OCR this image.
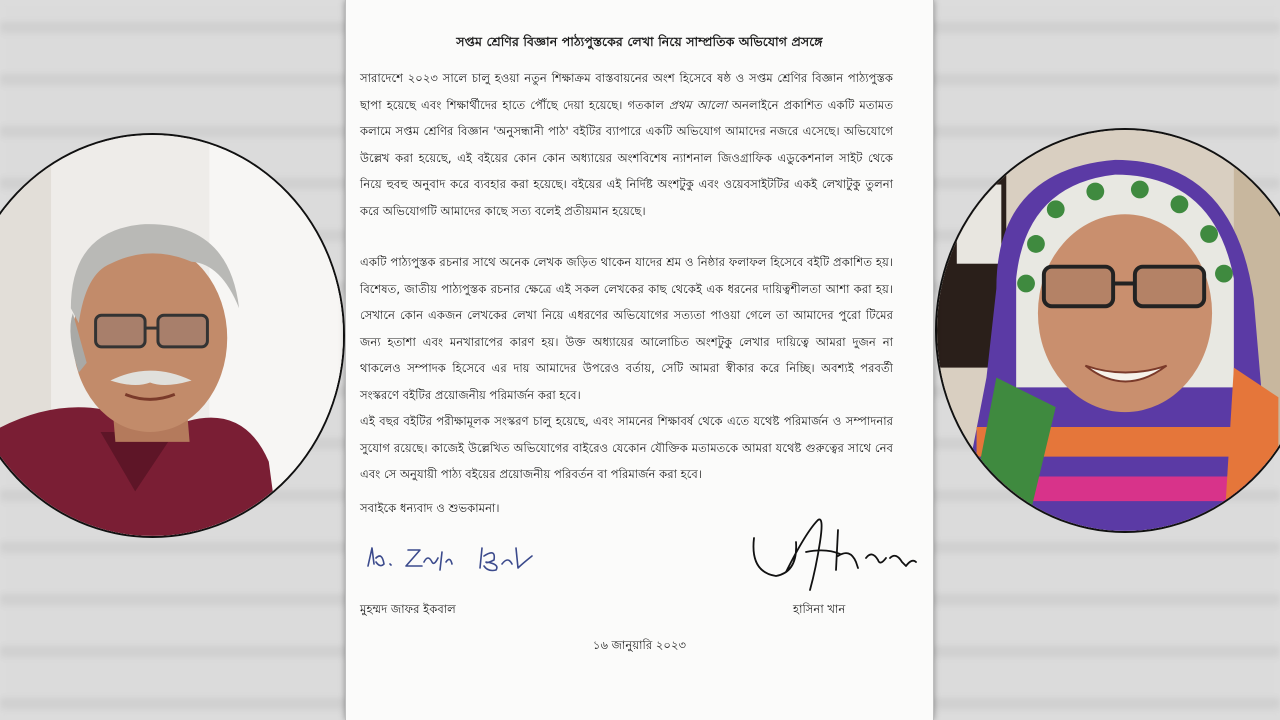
সপ্তম শ্রেণির বিজ্ঞান পাঠ্যপুস্তকের লেখা নিয়ে সাম্প্রতিক অভিযোগ প্রসঙ্গে

সারাদেশে ২০২৩ সালে চালু হওয়া নতুন শিক্ষাক্রম বাস্তবায়নের অংশ হিসেবে ষষ্ঠ ও সপ্তম শ্রেণির বিজ্ঞান পাঠ্যপুস্তক ছাপা হয়েছে এবং শিক্ষার্থীদের হাতে পৌঁছে দেয়া হয়েছে। গতকাল প্রথম আলো অনলাইনে প্রকাশিত একটি মতামত কলামে সপ্তম শ্রেণির বিজ্ঞান 'অনুসন্ধানী পাঠ' বইটির ব্যাপারে একটি অভিযোগ আমাদের নজরে এসেছে। অভিযোগে উল্লেখ করা হয়েছে, এই বইয়ের কোন কোন অধ্যায়ের অংশবিশেষ ন্যাশনাল জিওগ্রাফিক এডুকেশনাল সাইট থেকে নিয়ে হুবহু অনুবাদ করে ব্যবহার করা হয়েছে। বইয়ের এই নির্দিষ্ট অংশটুকু এবং ওয়েবসাইটটির একই লেখাটুকু তুলনা করে অভিযোগটি আমাদের কাছে সত্য বলেই প্রতীয়মান হয়েছে।

একটি পাঠ্যপুস্তক রচনার সাথে অনেক লেখক জড়িত থাকেন যাদের শ্রম ও নিষ্ঠার ফলাফল হিসেবে বইটি প্রকাশিত হয়। বিশেষত, জাতীয় পাঠ্যপুস্তক রচনার ক্ষেত্রে এই সকল লেখকের কাছ থেকেই এক ধরনের দায়িত্বশীলতা আশা করা হয়। সেখানে কোন একজন লেখকের লেখা নিয়ে এধরণের অভিযোগের সত্যতা পাওয়া গেলে তা আমাদের পুরো টিমের জন্য হতাশা এবং মনখারাপের কারণ হয়। উক্ত অধ্যায়ের আলোচিত অংশটুকু লেখার দায়িত্বে আমরা দুজন না থাকলেও সম্পাদক হিসেবে এর দায় আমাদের উপরেও বর্তায়, সেটি আমরা স্বীকার করে নিচ্ছি। অবশ্যই পরবর্তী সংস্করণে বইটির প্রয়োজনীয় পরিমার্জন করা হবে।

এই বছর বইটির পরীক্ষামূলক সংস্করণ চালু হয়েছে, এবং সামনের শিক্ষাবর্ষ থেকে এতে যথেষ্ট পরিমার্জন ও সম্পাদনার সুযোগ রয়েছে। কাজেই উল্লেখিত অভিযোগের বাইরেও যেকোন যৌক্তিক মতামতকে আমরা যথেষ্ট গুরুত্বের সাথে নেব এবং সে অনুযায়ী পাঠ্য বইয়ের প্রয়োজনীয় পরিবর্তন বা পরিমার্জন করা হবে।

সবাইকে ধন্যবাদ ও শুভকামনা।

মুহম্মদ জাফর ইকবাল	হাসিনা খান
১৬ জানুয়ারি ২০২৩
